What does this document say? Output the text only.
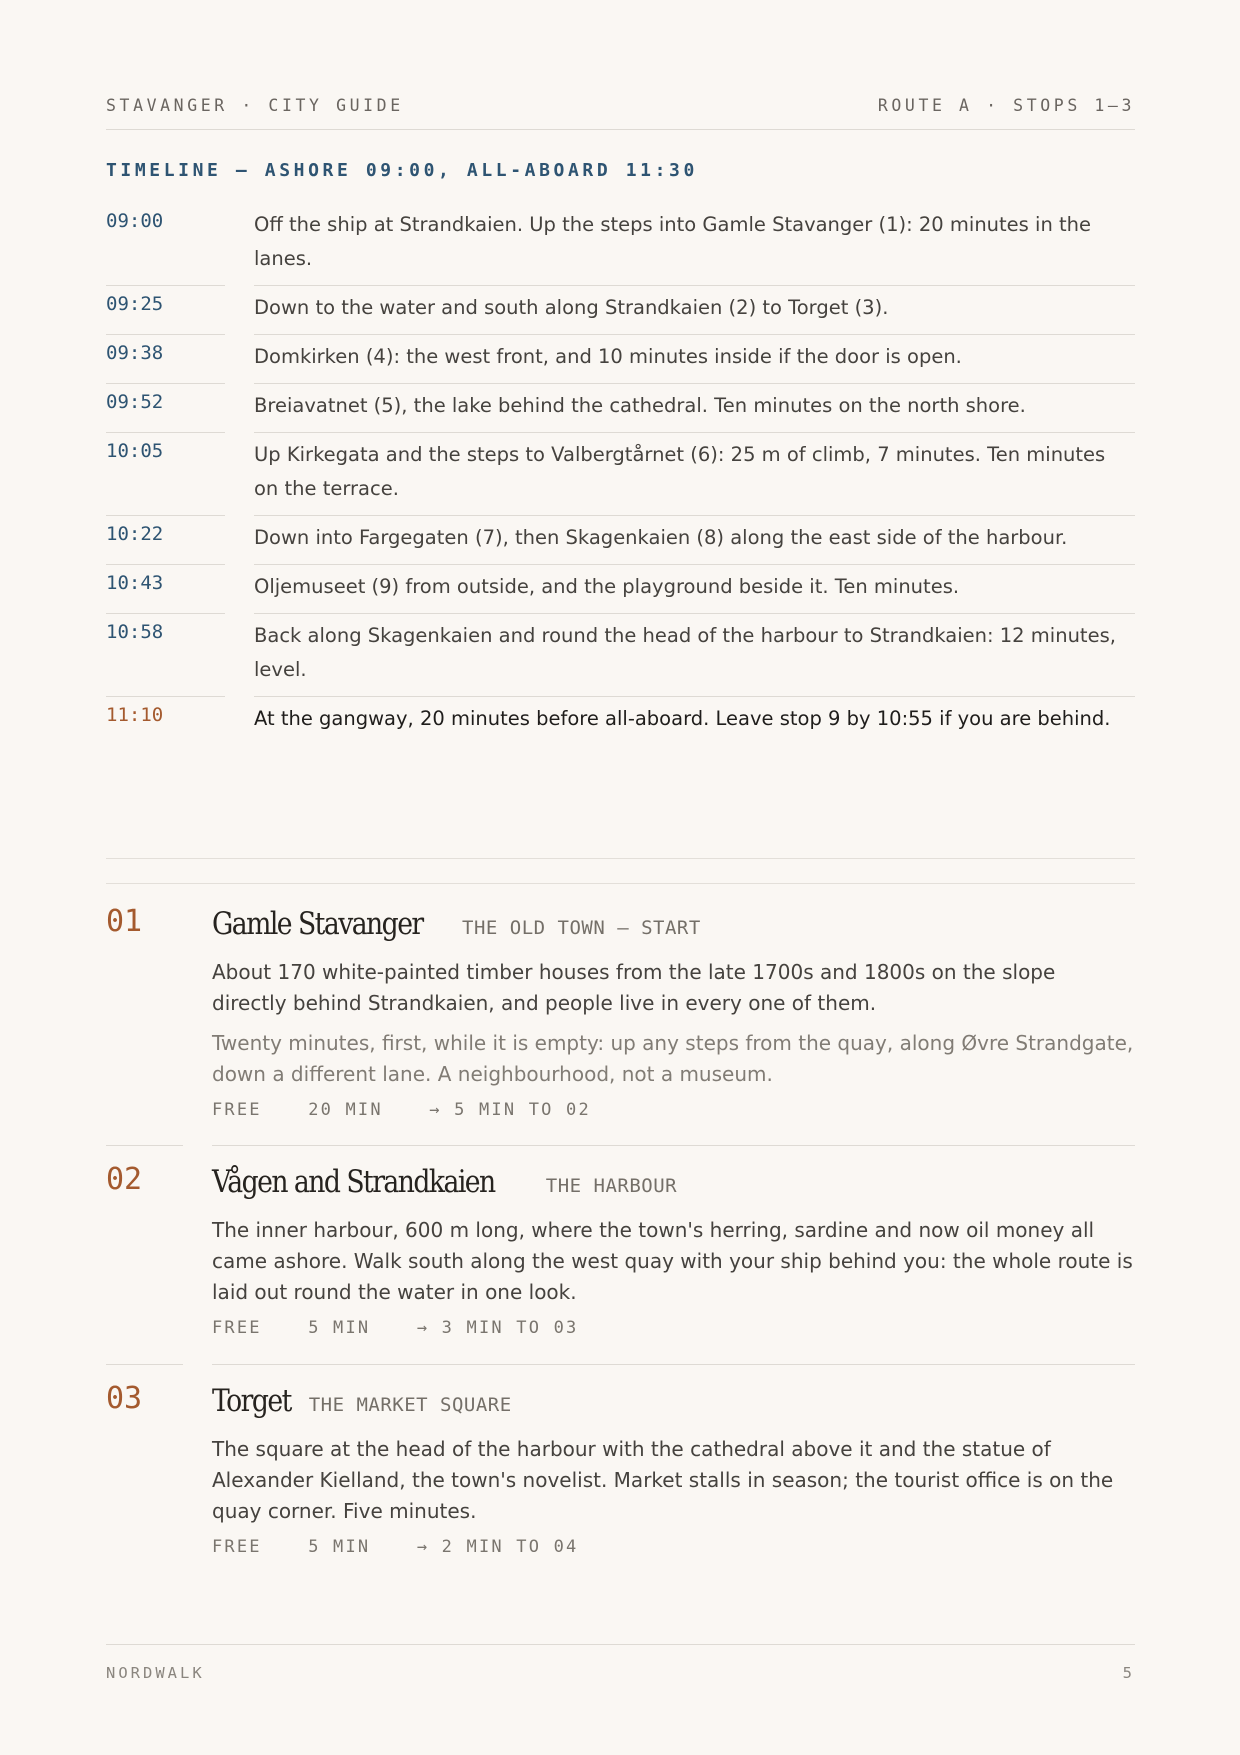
STAVANGER · CITY GUIDE	ROUTE A · STOPS 1–3
TIMELINE — ASHORE 09:00, ALL-ABOARD 11:30
09:00	Off the ship at Strandkaien. Up the steps into Gamle Stavanger (1): 20 minutes in the lanes.
09:25	Down to the water and south along Strandkaien (2) to Torget (3).
09:38	Domkirken (4): the west front, and 10 minutes inside if the door is open.
09:52	Breiavatnet (5), the lake behind the cathedral. Ten minutes on the north shore.
10:05	Up Kirkegata and the steps to Valbergtårnet (6): 25 m of climb, 7 minutes. Ten minutes on the terrace.
10:22	Down into Fargegaten (7), then Skagenkaien (8) along the east side of the harbour.
10:43	Oljemuseet (9) from outside, and the playground beside it. Ten minutes.
10:58	Back along Skagenkaien and round the head of the harbour to Strandkaien: 12 minutes, level.
11:10	At the gangway, 20 minutes before all-aboard. Leave stop 9 by 10:55 if you are behind.
01 Gamle Stavanger THE OLD TOWN — START
About 170 white-painted timber houses from the late 1700s and 1800s on the slope directly behind Strandkaien, and people live in every one of them.
Twenty minutes, first, while it is empty: up any steps from the quay, along Øvre Strandgate, down a different lane. A neighbourhood, not a museum.
FREE	20 MIN	→ 5 MIN TO 02
02 Vågen and Strandkaien	THE HARBOUR
The inner harbour, 600 m long, where the town's herring, sardine and now oil money all came ashore. Walk south along the west quay with your ship behind you: the whole route is laid out round the water in one look.
FREE	5 MIN	→ 3 MIN TO 03
03 Torget THE MARKET SQUARE
The square at the head of the harbour with the cathedral above it and the statue of Alexander Kielland, the town's novelist. Market stalls in season; the tourist office is on the quay corner. Five minutes.
FREE	5 MIN	→ 2 MIN TO 04
NORDWALK	5
